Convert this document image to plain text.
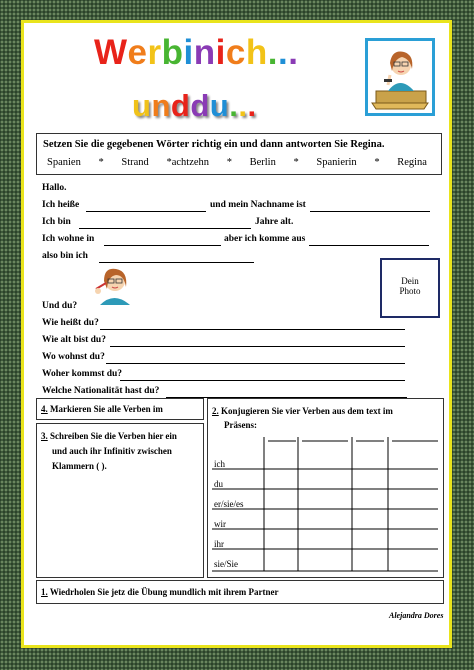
Werbinich...
unddu...
Setzen Sie die gegebenen Wörter richtig ein und dann antworten Sie Regina.
Spanien * Strand *achtzehn * Berlin * Spanierin * Regina
Hallo.
Ich heiße	und mein Nachname ist
Ich bin	Jahre alt.
Ich wohne in	aber ich komme aus
also bin ich
Dein
Photo
Und du?
Wie heißt du?
Wie alt bist du?
Wo wohnst du?
Woher kommst du?
Welche Nationalität hast du?
4. Markieren Sie alle Verben im
3. Schreiben Sie die Verben hier ein
und auch ihr Infinitiv zwischen
Klammern ( ).
2. Konjugieren Sie vier Verben aus dem text im
Präsens:
ich
du
er/sie/es
wir
ihr
sie/Sie
1. Wiedrholen Sie jetz die Übung mundlich mit ihrem Partner
Alejandra Dores
